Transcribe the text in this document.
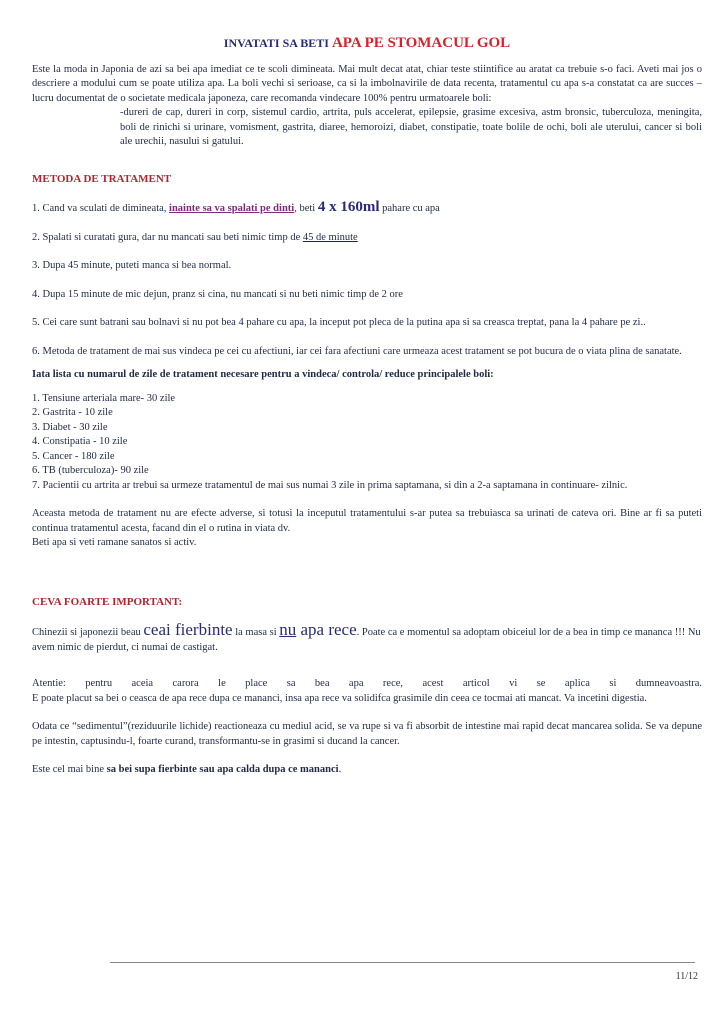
INVATATI SA BETI APA PE STOMACUL GOL

Este la moda in Japonia de azi sa bei apa imediat ce te scoli dimineata. Mai mult decat atat, chiar teste stiintifice au aratat ca trebuie s-o faci. Aveti mai jos o descriere a modului cum se poate utiliza apa. La boli vechi si serioase, ca si la imbolnavirile de data recenta, tratamentul cu apa s-a constatat ca are succes – lucru documentat de o societate medicala japoneza, care recomanda vindecare 100% pentru urmatoarele boli:

-dureri de cap, dureri in corp, sistemul cardio, artrita, puls accelerat, epilepsie, grasime excesiva, astm bronsic, tuberculoza, meningita, boli de rinichi si urinare, vomisment, gastrita, diaree, hemoroizi, diabet, constipatie, toate bolile de ochi, boli ale uterului, cancer si boli ale urechii, nasului si gatului.

METODA DE TRATAMENT

1. Cand va sculati de dimineata, inainte sa va spalati pe dinti, beti 4 x 160ml pahare cu apa

2. Spalati si curatati gura, dar nu mancati sau beti nimic timp de 45 de minute

3. Dupa 45 minute, puteti manca si bea normal.

4. Dupa 15 minute de mic dejun, pranz si cina, nu mancati si nu beti nimic timp de 2 ore

5. Cei care sunt batrani sau bolnavi si nu pot bea 4 pahare cu apa, la inceput pot pleca de la putina apa si sa creasca treptat, pana la 4 pahare pe zi..

6. Metoda de tratament de mai sus vindeca pe cei cu afectiuni, iar cei fara afectiuni care urmeaza acest tratament se pot bucura de o viata plina de sanatate.

Iata lista cu numarul de zile de tratament necesare pentru a vindeca/ controla/ reduce principalele boli:

1. Tensiune arteriala mare- 30 zile

2. Gastrita - 10 zile

3. Diabet - 30 zile

4. Constipatia - 10 zile

5. Cancer - 180 zile

6. TB (tuberculoza)- 90 zile

7. Pacientii cu artrita ar trebui sa urmeze tratamentul de mai sus numai 3 zile in prima saptamana, si din a 2-a saptamana in continuare- zilnic.

Aceasta metoda de tratament nu are efecte adverse, si totusi la inceputul tratamentului s-ar putea sa trebuiasca sa urinati de cateva ori. Bine ar fi sa puteti continua tratamentul acesta, facand din el o rutina in viata dv.

Beti apa si veti ramane sanatos si activ.

CEVA FOARTE IMPORTANT:

Chinezii si japonezii beau ceai fierbinte la masa si nu apa rece. Poate ca e momentul sa adoptam obiceiul lor de a bea in timp ce mananca !!! Nu avem nimic de pierdut, ci numai de castigat.

Atentie: pentru aceia carora le place sa bea apa rece, acest articol vi se aplica si dumneavoastra.

E poate placut sa bei o ceasca de apa rece dupa ce mananci, insa apa rece va solidifca grasimile din ceea ce tocmai ati mancat. Va incetini digestia.

Odata ce “sedimentul”(reziduurile lichide) reactioneaza cu mediul acid, se va rupe si va fi absorbit de intestine mai rapid decat mancarea solida. Se va depune pe intestin, captusindu-l, foarte curand, transformantu-se in grasimi si ducand la cancer.

Este cel mai bine sa bei supa fierbinte sau apa calda dupa ce mananci.

11/12
